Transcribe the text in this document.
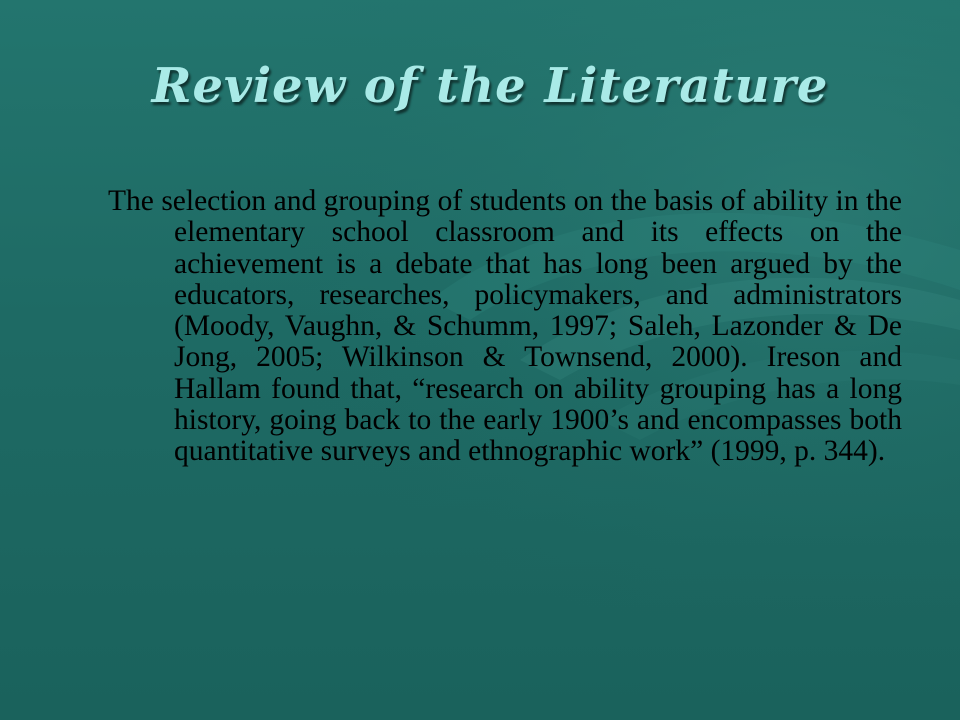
Review of the Literature

The selection and grouping of students on the basis of ability in the elementary school classroom and its effects on the achievement is a debate that has long been argued by the educators, researches, policymakers, and administrators (Moody, Vaughn, & Schumm, 1997; Saleh, Lazonder & De Jong, 2005; Wilkinson & Townsend, 2000). Ireson and Hallam found that, “research on ability grouping has a long history, going back to the early 1900’s and encompasses both quantitative surveys and ethnographic work” (1999, p. 344).
